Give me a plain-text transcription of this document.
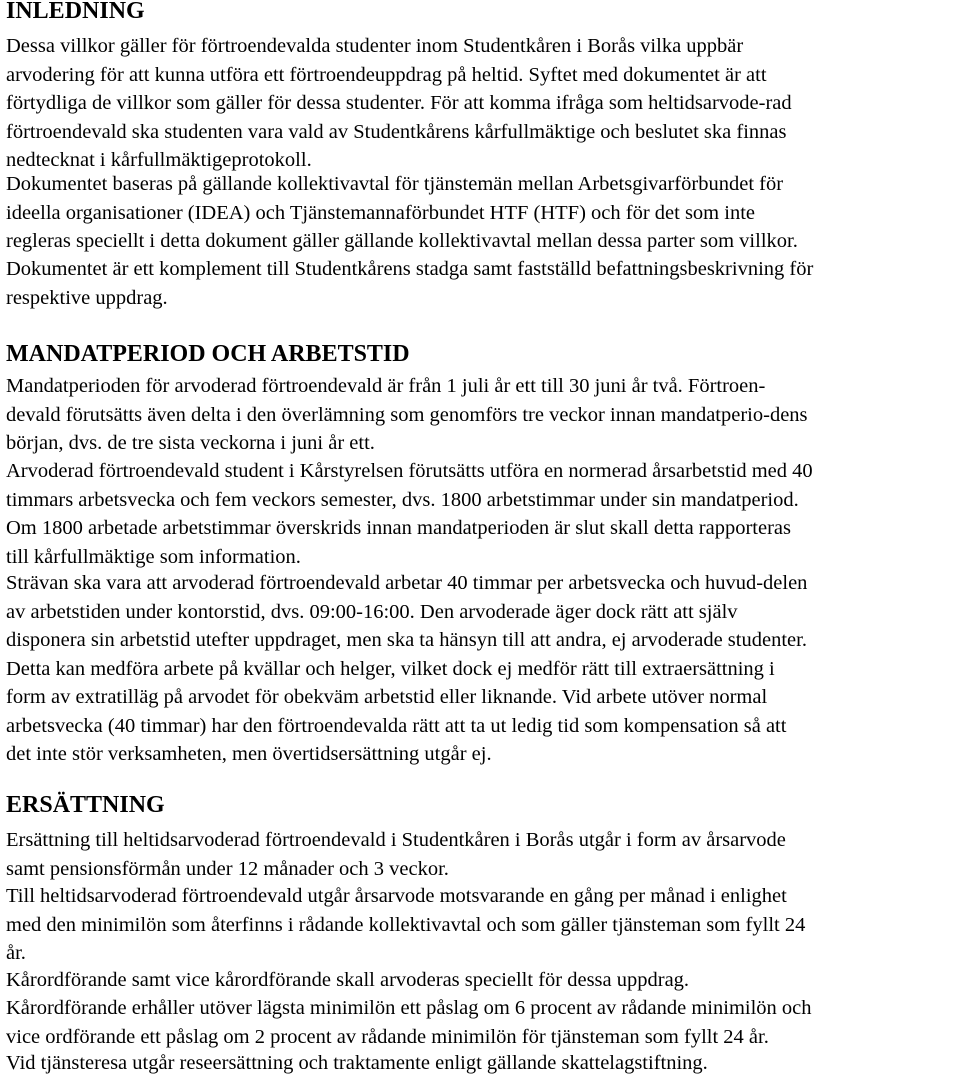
INLEDNING

Dessa villkor gäller för förtroendevalda studenter inom Studentkåren i Borås vilka uppbär
arvodering för att kunna utföra ett förtroendeuppdrag på heltid. Syftet med dokumentet är att
förtydliga de villkor som gäller för dessa studenter. För att komma ifråga som heltidsarvode-rad
förtroendevald ska studenten vara vald av Studentkårens kårfullmäktige och beslutet ska finnas
nedtecknat i kårfullmäktigeprotokoll.

Dokumentet baseras på gällande kollektivavtal för tjänstemän mellan Arbetsgivarförbundet för
ideella organisationer (IDEA) och Tjänstemannaförbundet HTF (HTF) och för det som inte
regleras speciellt i detta dokument gäller gällande kollektivavtal mellan dessa parter som villkor.

Dokumentet är ett komplement till Studentkårens stadga samt fastställd befattningsbeskrivning för
respektive uppdrag.

MANDATPERIOD OCH ARBETSTID

Mandatperioden för arvoderad förtroendevald är från 1 juli år ett till 30 juni år två. Förtroen-
devald förutsätts även delta i den överlämning som genomförs tre veckor innan mandatperio-dens
början, dvs. de tre sista veckorna i juni år ett.

Arvoderad förtroendevald student i Kårstyrelsen förutsätts utföra en normerad årsarbetstid med 40
timmars arbetsvecka och fem veckors semester, dvs. 1800 arbetstimmar under sin mandatperiod.

Om 1800 arbetade arbetstimmar överskrids innan mandatperioden är slut skall detta rapporteras
till kårfullmäktige som information.

Strävan ska vara att arvoderad förtroendevald arbetar 40 timmar per arbetsvecka och huvud-delen
av arbetstiden under kontorstid, dvs. 09:00-16:00. Den arvoderade äger dock rätt att själv
disponera sin arbetstid utefter uppdraget, men ska ta hänsyn till att andra, ej arvoderade studenter.
Detta kan medföra arbete på kvällar och helger, vilket dock ej medför rätt till extraersättning i
form av extratilläg på arvodet för obekväm arbetstid eller liknande. Vid arbete utöver normal
arbetsvecka (40 timmar) har den förtroendevalda rätt att ta ut ledig tid som kompensation så att
det inte stör verksamheten, men övertidsersättning utgår ej.

ERSÄTTNING

Ersättning till heltidsarvoderad förtroendevald i Studentkåren i Borås utgår i form av årsarvode
samt pensionsförmån under 12 månader och 3 veckor.

Till heltidsarvoderad förtroendevald utgår årsarvode motsvarande en gång per månad i enlighet
med den minimilön som återfinns i rådande kollektivavtal och som gäller tjänsteman som fyllt 24
år.

Kårordförande samt vice kårordförande skall arvoderas speciellt för dessa uppdrag.

Kårordförande erhåller utöver lägsta minimilön ett påslag om 6 procent av rådande minimilön och
vice ordförande ett påslag om 2 procent av rådande minimilön för tjänsteman som fyllt 24 år.

Vid tjänsteresa utgår reseersättning och traktamente enligt gällande skattelagstiftning.
